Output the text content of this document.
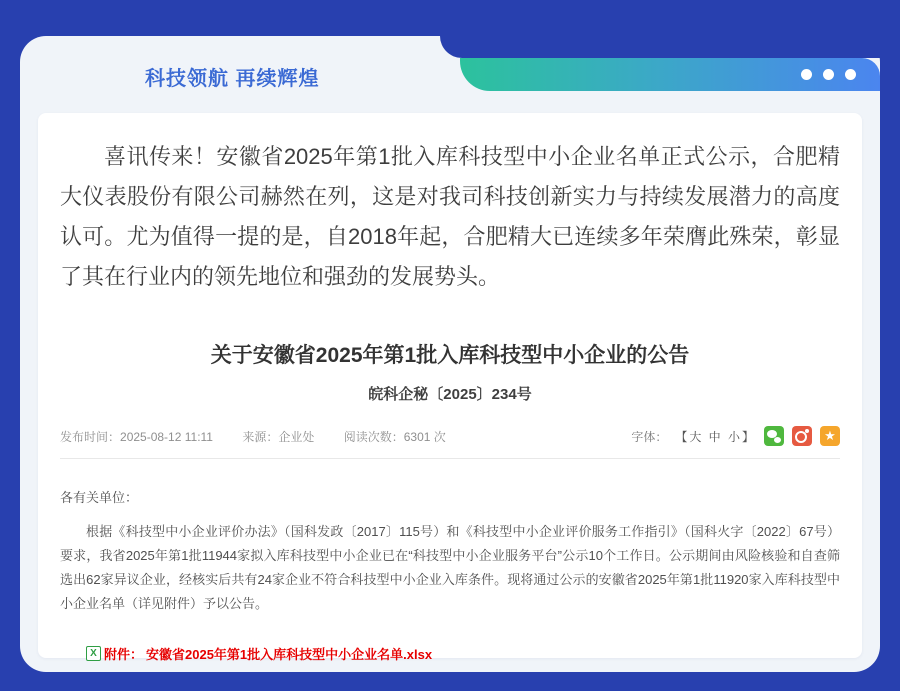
科技领航 再续辉煌

喜讯传来！安徽省2025年第1批入库科技型中小企业名单正式公示，合肥精大仪表股份有限公司赫然在列，这是对我司科技创新实力与持续发展潜力的高度认可。尤为值得一提的是，自2018年起，合肥精大已连续多年荣膺此殊荣，彰显了其在行业内的领先地位和强劲的发展势头。

关于安徽省2025年第1批入库科技型中小企业的公告
皖科企秘〔2025〕234号
发布时间：2025-08-12 11:11 来源：企业处 阅读次数：6301 次	字体： 【大 中 小】	★

各有关单位：

根据《科技型中小企业评价办法》（国科发政〔2017〕115号）和《科技型中小企业评价服务工作指引》（国科火字〔2022〕67号）要求，我省2025年第1批11944家拟入库科技型中小企业已在“科技型中小企业服务平台”公示10个工作日。公示期间由风险核验和自查筛选出62家异议企业，经核实后共有24家企业不符合科技型中小企业入库条件。现将通过公示的安徽省2025年第1批11920家入库科技型中小企业名单（详见附件）予以公告。

X 附件： 安徽省2025年第1批入库科技型中小企业名单.xlsx
